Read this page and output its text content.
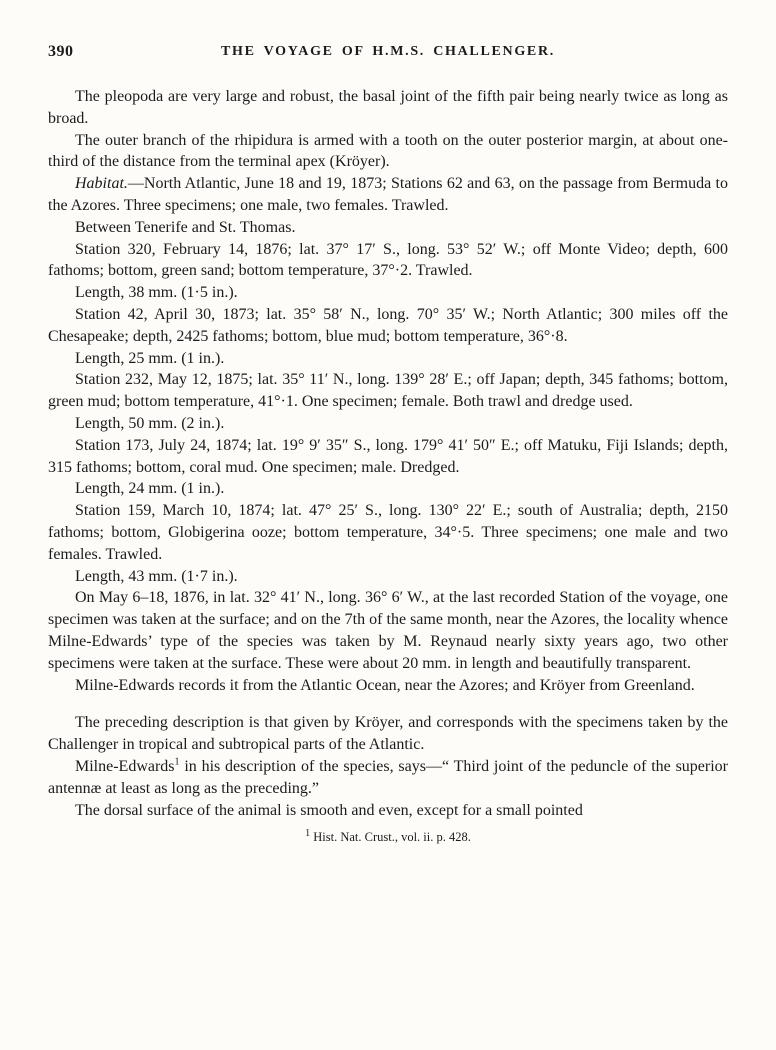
390	THE VOYAGE OF H.M.S. CHALLENGER.

The pleopoda are very large and robust, the basal joint of the fifth pair being nearly twice as long as broad.

The outer branch of the rhipidura is armed with a tooth on the outer posterior margin, at about one-third of the distance from the terminal apex (Kröyer).

Habitat.—North Atlantic, June 18 and 19, 1873; Stations 62 and 63, on the passage from Bermuda to the Azores. Three specimens; one male, two females. Trawled.

Between Tenerife and St. Thomas.

Station 320, February 14, 1876; lat. 37° 17′ S., long. 53° 52′ W.; off Monte Video; depth, 600 fathoms; bottom, green sand; bottom temperature, 37°·2. Trawled.

Length, 38 mm. (1·5 in.).

Station 42, April 30, 1873; lat. 35° 58′ N., long. 70° 35′ W.; North Atlantic; 300 miles off the Chesapeake; depth, 2425 fathoms; bottom, blue mud; bottom temperature, 36°·8.

Length, 25 mm. (1 in.).

Station 232, May 12, 1875; lat. 35° 11′ N., long. 139° 28′ E.; off Japan; depth, 345 fathoms; bottom, green mud; bottom temperature, 41°·1. One specimen; female. Both trawl and dredge used.

Length, 50 mm. (2 in.).

Station 173, July 24, 1874; lat. 19° 9′ 35″ S., long. 179° 41′ 50″ E.; off Matuku, Fiji Islands; depth, 315 fathoms; bottom, coral mud. One specimen; male. Dredged.

Length, 24 mm. (1 in.).

Station 159, March 10, 1874; lat. 47° 25′ S., long. 130° 22′ E.; south of Australia; depth, 2150 fathoms; bottom, Globigerina ooze; bottom temperature, 34°·5. Three specimens; one male and two females. Trawled.

Length, 43 mm. (1·7 in.).

On May 6–18, 1876, in lat. 32° 41′ N., long. 36° 6′ W., at the last recorded Station of the voyage, one specimen was taken at the surface; and on the 7th of the same month, near the Azores, the locality whence Milne-Edwards’ type of the species was taken by M. Reynaud nearly sixty years ago, two other specimens were taken at the surface. These were about 20 mm. in length and beautifully transparent.

Milne-Edwards records it from the Atlantic Ocean, near the Azores; and Kröyer from Greenland.

The preceding description is that given by Kröyer, and corresponds with the specimens taken by the Challenger in tropical and subtropical parts of the Atlantic.

Milne-Edwards$^1$ in his description of the species, says—“ Third joint of the peduncle of the superior antennæ at least as long as the preceding.”

The dorsal surface of the animal is smooth and even, except for a small pointed

$^1$ Hist. Nat. Crust., vol. ii. p. 428.
